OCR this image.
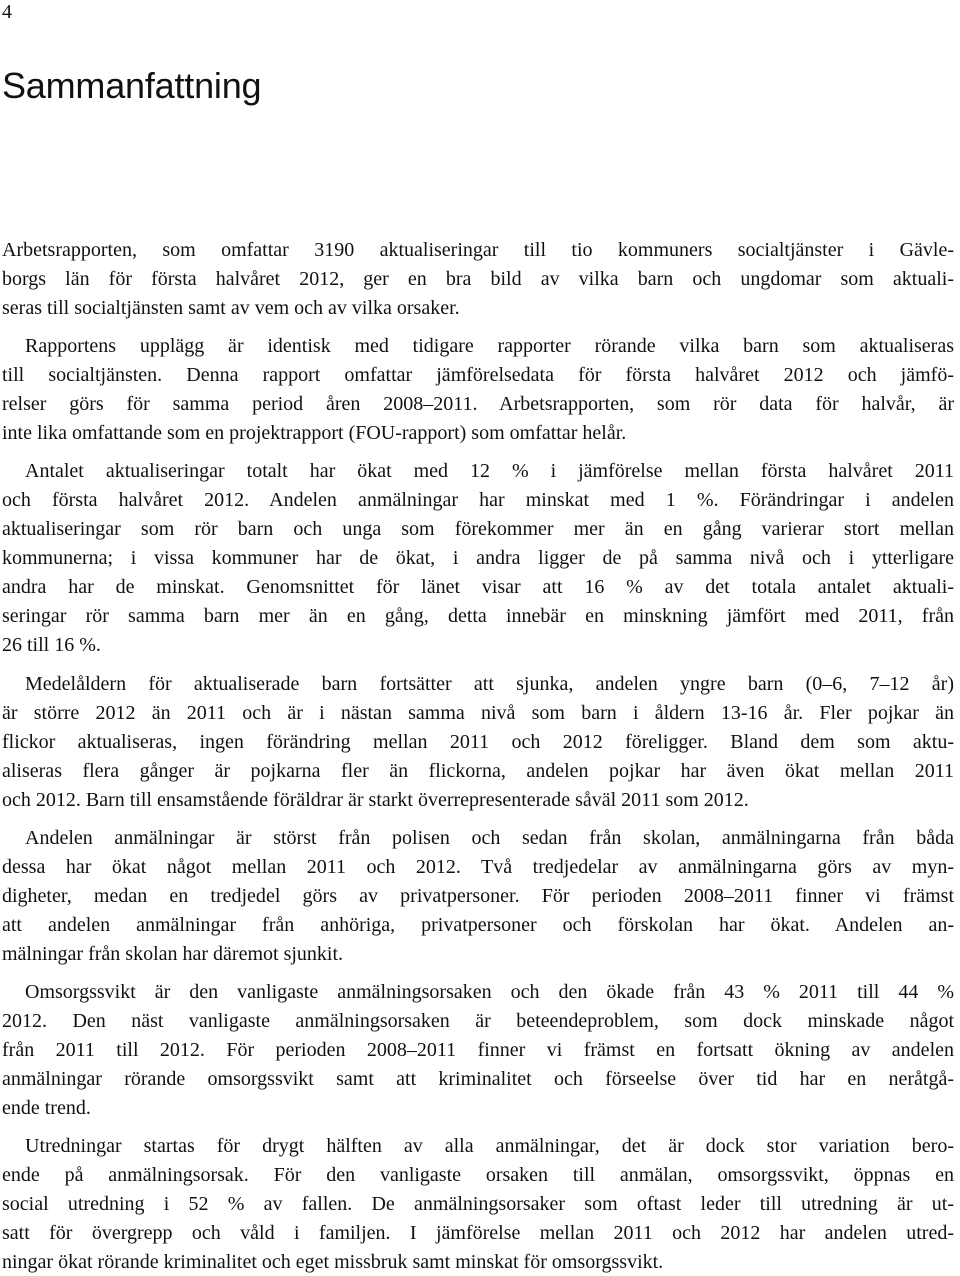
4
Sammanfattning
Arbetsrapporten, som omfattar 3190 aktualiseringar till tio kommuners socialtjänster i Gävle-
borgs län för första halvåret 2012, ger en bra bild av vilka barn och ungdomar som aktuali-
seras till socialtjänsten samt av vem och av vilka orsaker.
Rapportens upplägg är identisk med tidigare rapporter rörande vilka barn som aktualiseras
till socialtjänsten. Denna rapport omfattar jämförelsedata för första halvåret 2012 och jämfö-
relser görs för samma period åren 2008–2011. Arbetsrapporten, som rör data för halvår, är
inte lika omfattande som en projektrapport (FOU-rapport) som omfattar helår.
Antalet aktualiseringar totalt har ökat med 12 % i jämförelse mellan första halvåret 2011
och första halvåret 2012. Andelen anmälningar har minskat med 1 %. Förändringar i andelen
aktualiseringar som rör barn och unga som förekommer mer än en gång varierar stort mellan
kommunerna; i vissa kommuner har de ökat, i andra ligger de på samma nivå och i ytterligare
andra har de minskat. Genomsnittet för länet visar att 16 % av det totala antalet aktuali-
seringar rör samma barn mer än en gång, detta innebär en minskning jämfört med 2011, från
26 till 16 %.
Medelåldern för aktualiserade barn fortsätter att sjunka, andelen yngre barn (0–6, 7–12 år)
är större 2012 än 2011 och är i nästan samma nivå som barn i åldern 13-16 år. Fler pojkar än
flickor aktualiseras, ingen förändring mellan 2011 och 2012 föreligger. Bland dem som aktu-
aliseras flera gånger är pojkarna fler än flickorna, andelen pojkar har även ökat mellan 2011
och 2012. Barn till ensamstående föräldrar är starkt överrepresenterade såväl 2011 som 2012.
Andelen anmälningar är störst från polisen och sedan från skolan, anmälningarna från båda
dessa har ökat något mellan 2011 och 2012. Två tredjedelar av anmälningarna görs av myn-
digheter, medan en tredjedel görs av privatpersoner. För perioden 2008–2011 finner vi främst
att andelen anmälningar från anhöriga, privatpersoner och förskolan har ökat. Andelen an-
mälningar från skolan har däremot sjunkit.
Omsorgssvikt är den vanligaste anmälningsorsaken och den ökade från 43 % 2011 till 44 %
2012. Den näst vanligaste anmälningsorsaken är beteendeproblem, som dock minskade något
från 2011 till 2012. För perioden 2008–2011 finner vi främst en fortsatt ökning av andelen
anmälningar rörande omsorgssvikt samt att kriminalitet och förseelse över tid har en neråtgå-
ende trend.
Utredningar startas för drygt hälften av alla anmälningar, det är dock stor variation bero-
ende på anmälningsorsak. För den vanligaste orsaken till anmälan, omsorgssvikt, öppnas en
social utredning i 52 % av fallen. De anmälningsorsaker som oftast leder till utredning är ut-
satt för övergrepp och våld i familjen. I jämförelse mellan 2011 och 2012 har andelen utred-
ningar ökat rörande kriminalitet och eget missbruk samt minskat för omsorgssvikt.
